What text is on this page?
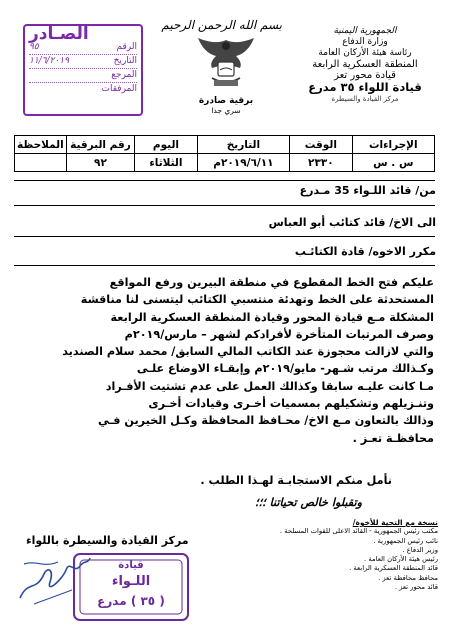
الجمهورية اليمنية
وزارة الدفاع
رئاسة هيئة الأركان العامة
المنطقة العسكرية الرابعة
قيادة محور تعز
قيادة اللواء ٣٥ مدرع
مركز القيادة والسيطرة
بسم الله الرحمن الرحيم
برقية صادرة
سري جدا
الصـادر
الرقم
٩٥
التاريخ
١١/٦/٢٠١٩
المرجع
المرفقات
الإجراءات	الوقت	التاريخ	اليوم	رقم البرقية	الملاحظة
س . س	٢٣٣٠	٢٠١٩/٦/١١م	الثلاثاء	٩٢	
من/ قائد اللـواء 35 مـدرع
الى الاخ/ قائد كتائب أبو العباس
مكرر الاخوه/ قادة الكتائـب

عليكم فتح الخط المقطوع في منطقة البيرين ورفع المواقع

المستحدثة على الخط وتهدئة منتسبي الكتائب ليتسنى لنا مناقشة

المشكلة مـع قيادة المحور وقيادة المنطقة العسكرية الرابعة

وصرف المرتبات المتأخرة لأفرادكم لشهر – مارس/٢٠١٩م

والتي لازالت محجوزة عند الكاتب المالي السابق/ محمد سلام الصنديد

وكـذالك مرتب شـهر- مايو/٢٠١٩م وإبقـاء الاوضاع علـى

مـا كانت عليـه سابقا وكذالك العمل على عدم تشتيت الأفـراد

وتنـزيلهم وتشكيلهم بمسميات أخـرى وقيادات أخـرى

وذالك بالتعاون مـع الاخ/ محـافظ المحافظة وكـل الخيرين فـي

محافظـة تعـز .

نأمل منكم الاستجابـة لهـذا الطلب .
وتقبلوا خالص تحياتنا ؛؛؛
نسخة مع التحية للأخوة/
مكتب رئيس الجمهورية - القائد الاعلى للقوات المسلحة .
نائب رئيس الجمهورية .
وزير الدفاع .
رئيس هيئة الأركان العامة .
قائد المنطقة العسكرية الرابعة .
محافظ محافظة تعز .
قائد محور تعز .
مركز القيادة والسيطرة باللواء
قيادة
اللـواء
( ٣٥ ) مدرع
